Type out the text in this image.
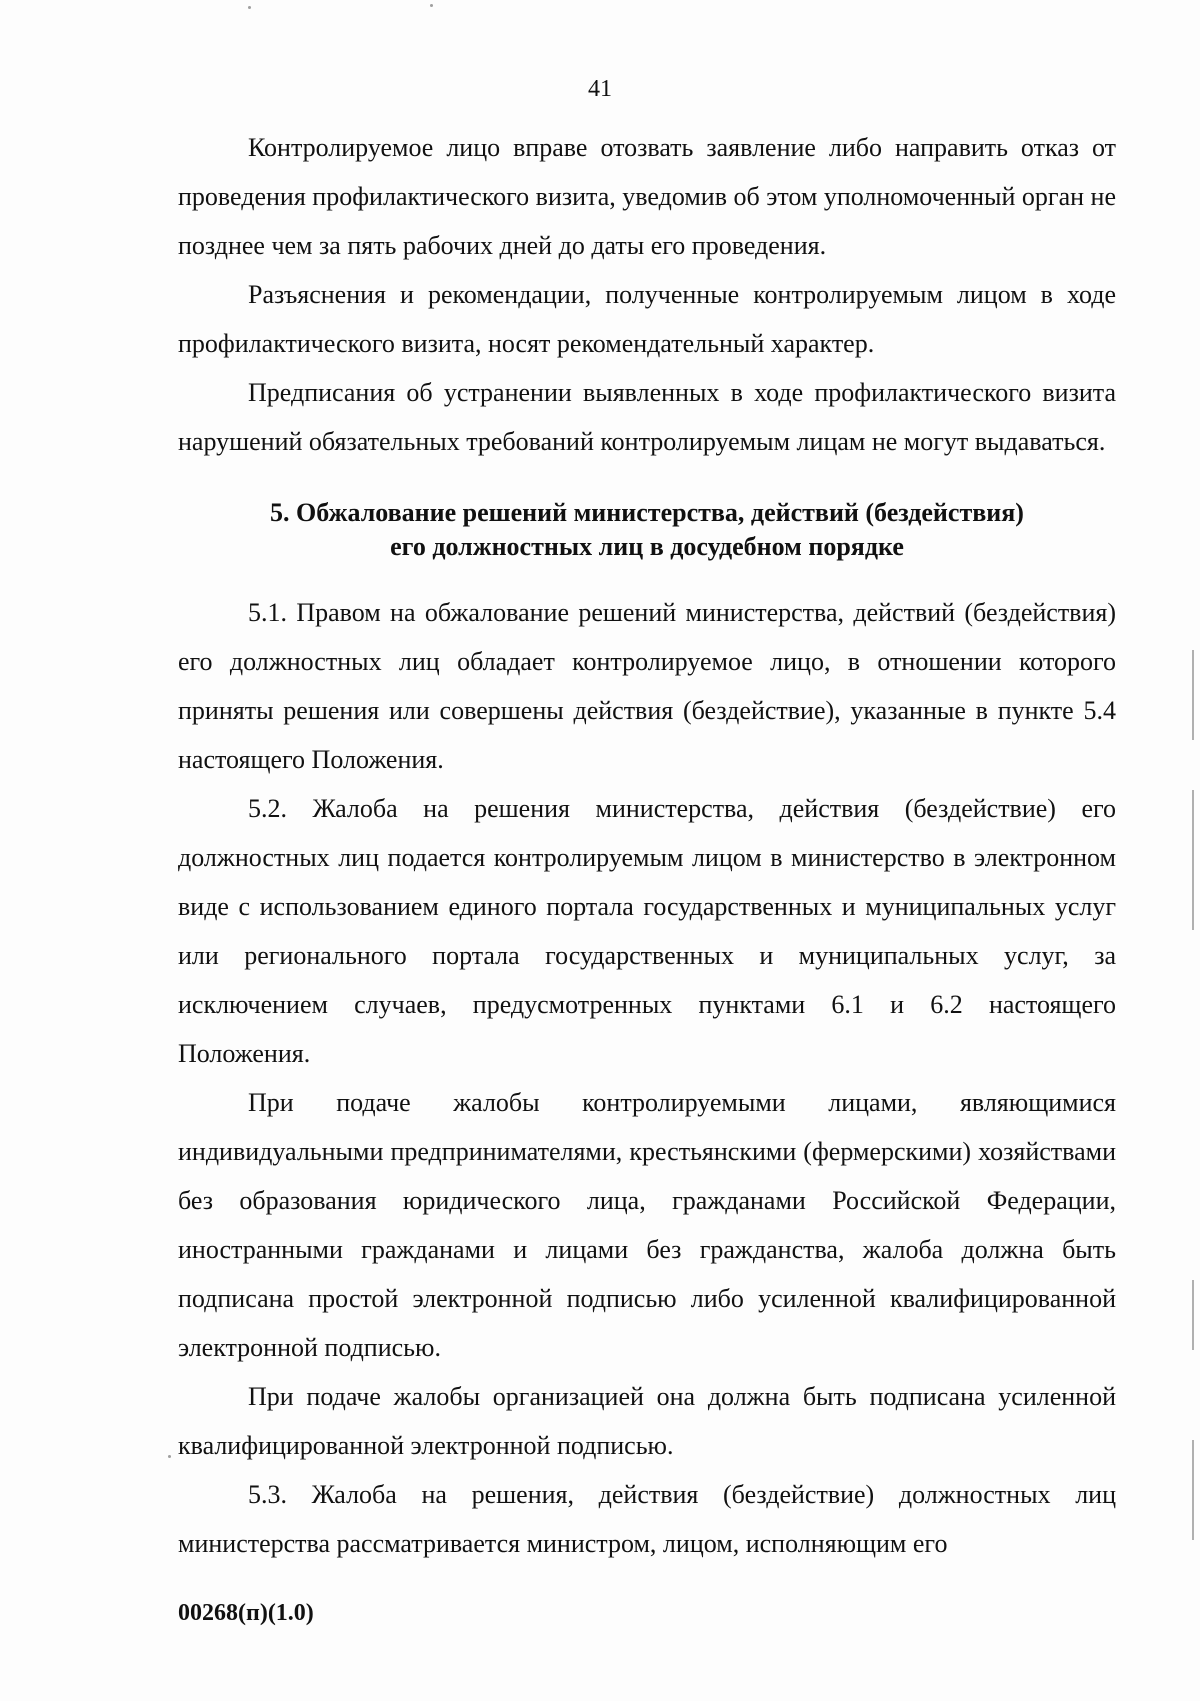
41

Контролируемое лицо вправе отозвать заявление либо направить отказ от проведения профилактического визита, уведомив об этом уполномоченный орган не позднее чем за пять рабочих дней до даты его проведения.

Разъяснения и рекомендации, полученные контролируемым лицом в ходе профилактического визита, носят рекомендательный характер.

Предписания об устранении выявленных в ходе профилактического визита нарушений обязательных требований контролируемым лицам не могут выдаваться.

5. Обжалование решений министерства, действий (бездействия)
его должностных лиц в досудебном порядке

5.1. Правом на обжалование решений министерства, действий (бездействия) его должностных лиц обладает контролируемое лицо, в отношении которого приняты решения или совершены действия (бездействие), указанные в пункте 5.4 настоящего Положения.

5.2. Жалоба на решения министерства, действия (бездействие) его должностных лиц подается контролируемым лицом в министерство в электронном виде с использованием единого портала государственных и муниципальных услуг или регионального портала государственных и муниципальных услуг, за исключением случаев, предусмотренных пунктами 6.1 и 6.2 настоящего Положения.

При подаче жалобы контролируемыми лицами, являющимися индивидуальными предпринимателями, крестьянскими (фермерскими) хозяйствами без образования юридического лица, гражданами Российской Федерации, иностранными гражданами и лицами без гражданства, жалоба должна быть подписана простой электронной подписью либо усиленной квалифицированной электронной подписью.

При подаче жалобы организацией она должна быть подписана усиленной квалифицированной электронной подписью.

5.3. Жалоба на решения, действия (бездействие) должностных лиц министерства рассматривается министром, лицом, исполняющим его

00268(п)(1.0)
